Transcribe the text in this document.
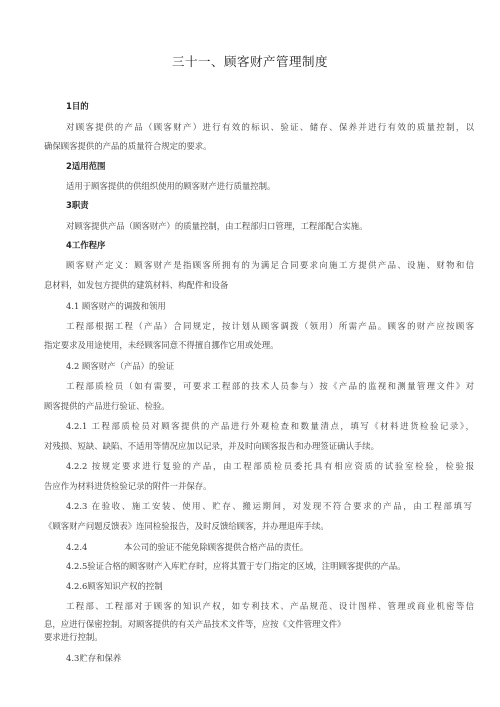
三十一、顾客财产管理制度
1目的
对顾客提供的产品（顾客财产）进行有效的标识、验证、储存、保养并进行有效的质量控制，以
确保顾客提供的产品的质量符合规定的要求。
2适用范围
适用于顾客提供的供组织使用的顾客财产进行质量控制。
3职责
对顾客提供产品（顾客财产）的质量控制，由工程部归口管理，工程部配合实施。
4工作程序
顾客财产定义：顾客财产是指顾客所拥有的为满足合同要求向施工方提供产品、设施、财物和信
息材料，如发包方提供的建筑材料、构配件和设备
4.1 顾客财产的调拨和领用
工程部根据工程（产品）合同规定，按计划从顾客调拨（领用）所需产品。顾客的财产应按顾客
指定要求及用途使用，未经顾客同意不得擅自挪作它用或处理。
4.2 顾客财产（产品）的验证
工程部质检员（如有需要，可要求工程部的技术人员参与）按《产品的监视和测量管理文件》对
顾客提供的产品进行验证、检验。
4.2.1 工程部质检员对顾客提供的产品进行外观检查和数量清点，填写《材料进货检验记录》，
对残损、短缺、缺陷、不适用等情况应加以记录，并及时向顾客报告和办理签证确认手续。
4.2.2 按规定要求进行复验的产品，由工程部质检员委托具有相应资质的试验室检验，检验报
告应作为材料进货检验记录的附件一并保存。
4.2.3 在验收、施工安装、使用、贮存、搬运期间，对发现不符合要求的产品，由工程部填写
《顾客财产问题反馈表》连同检验报告，及时反馈给顾客，并办理退库手续。
4.2.4	本公司的验证不能免除顾客提供合格产品的责任。
4.2.5验证合格的顾客财产入库贮存时，应将其置于专门指定的区域，注明顾客提供的产品。
4.2.6顾客知识产权的控制
工程部、工程部对于顾客的知识产权，如专利技术、产品规范、设计图样、管理或商业机密等信
息，应进行保密控制。对顾客提供的有关产品技术文件等，应按《文件管理文件》
要求进行控制。
4.3贮存和保养
